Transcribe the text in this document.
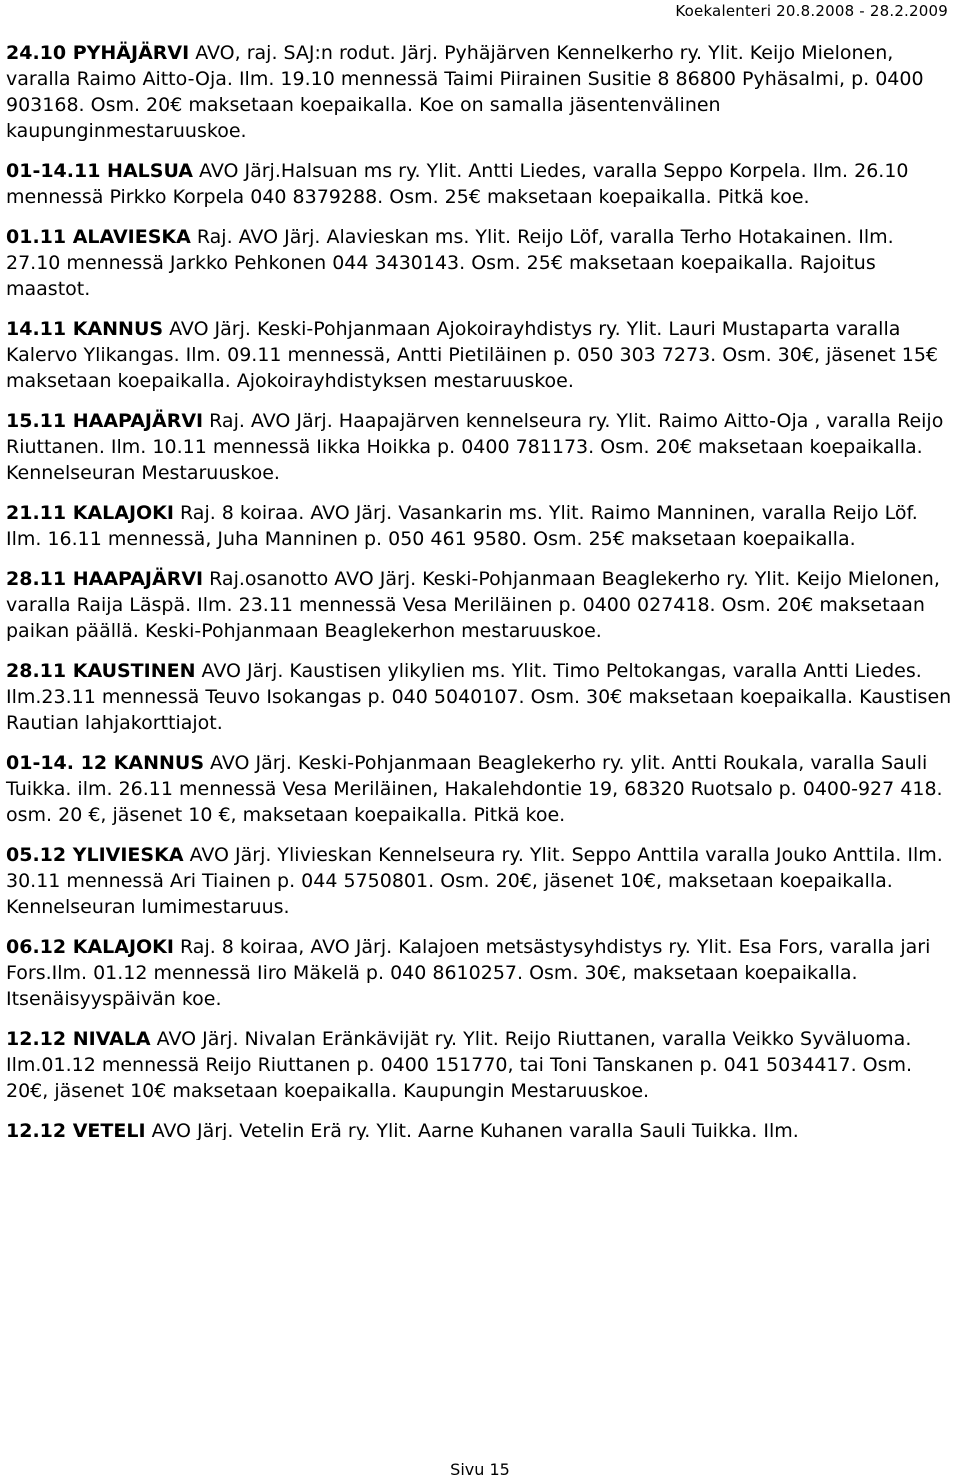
Koekalenteri 20.8.2008 - 28.2.2009

24.10 PYHÄJÄRVI AVO, raj. SAJ:n rodut. Järj. Pyhäjärven Kennelkerho ry. Ylit. Keijo Mielonen, varalla Raimo Aitto-Oja. Ilm. 19.10 mennessä Taimi Piirainen Susitie 8 86800 Pyhäsalmi, p. 0400 903168. Osm. 20€ maksetaan koepaikalla. Koe on samalla jäsentenvälinen kaupunginmestaruuskoe.

01-14.11 HALSUA AVO Järj.Halsuan ms ry. Ylit. Antti Liedes, varalla Seppo Korpela. Ilm. 26.10 mennessä Pirkko Korpela 040 8379288. Osm. 25€ maksetaan koepaikalla. Pitkä koe.

01.11 ALAVIESKA Raj. AVO Järj. Alavieskan ms. Ylit. Reijo Löf, varalla Terho Hotakainen. Ilm. 27.10 mennessä Jarkko Pehkonen 044 3430143. Osm. 25€ maksetaan koepaikalla. Rajoitus maastot.

14.11 KANNUS AVO Järj. Keski-Pohjanmaan Ajokoirayhdistys ry. Ylit. Lauri Mustaparta varalla Kalervo Ylikangas. Ilm. 09.11 mennessä, Antti Pietiläinen p. 050 303 7273. Osm. 30€, jäsenet 15€ maksetaan koepaikalla. Ajokoirayhdistyksen mestaruuskoe.

15.11 HAAPAJÄRVI Raj. AVO Järj. Haapajärven kennelseura ry. Ylit. Raimo Aitto-Oja , varalla Reijo Riuttanen. Ilm. 10.11 mennessä Iikka Hoikka p. 0400 781173. Osm. 20€ maksetaan koepaikalla. Kennelseuran Mestaruuskoe.

21.11 KALAJOKI Raj. 8 koiraa. AVO Järj. Vasankarin ms. Ylit. Raimo Manninen, varalla Reijo Löf. Ilm. 16.11 mennessä, Juha Manninen p. 050 461 9580. Osm. 25€ maksetaan koepaikalla.

28.11 HAAPAJÄRVI Raj.osanotto AVO Järj. Keski-Pohjanmaan Beaglekerho ry. Ylit. Keijo Mielonen, varalla Raija Läspä. Ilm. 23.11 mennessä Vesa Meriläinen p. 0400 027418. Osm. 20€ maksetaan paikan päällä. Keski-Pohjanmaan Beaglekerhon mestaruuskoe.

28.11 KAUSTINEN AVO Järj. Kaustisen ylikylien ms. Ylit. Timo Peltokangas, varalla Antti Liedes. Ilm.23.11 mennessä Teuvo Isokangas p. 040 5040107. Osm. 30€ maksetaan koepaikalla. Kaustisen Rautian lahjakorttiajot.

01-14. 12 KANNUS AVO Järj. Keski-Pohjanmaan Beaglekerho ry. ylit. Antti Roukala, varalla Sauli Tuikka. ilm. 26.11 mennessä Vesa Meriläinen, Hakalehdontie 19, 68320 Ruotsalo p. 0400-927 418. osm. 20 €, jäsenet 10 €, maksetaan koepaikalla. Pitkä koe.

05.12 YLIVIESKA AVO Järj. Ylivieskan Kennelseura ry. Ylit. Seppo Anttila varalla Jouko Anttila. Ilm. 30.11 mennessä Ari Tiainen p. 044 5750801. Osm. 20€, jäsenet 10€, maksetaan koepaikalla. Kennelseuran lumimestaruus.

06.12 KALAJOKI Raj. 8 koiraa, AVO Järj. Kalajoen metsästysyhdistys ry. Ylit. Esa Fors, varalla jari Fors.Ilm. 01.12 mennessä Iiro Mäkelä p. 040 8610257. Osm. 30€, maksetaan koepaikalla. Itsenäisyyspäivän koe.

12.12 NIVALA AVO Järj. Nivalan Eränkävijät ry. Ylit. Reijo Riuttanen, varalla Veikko Syväluoma. Ilm.01.12 mennessä Reijo Riuttanen p. 0400 151770, tai Toni Tanskanen p. 041 5034417. Osm. 20€, jäsenet 10€ maksetaan koepaikalla. Kaupungin Mestaruuskoe.

12.12 VETELI AVO Järj. Vetelin Erä ry. Ylit. Aarne Kuhanen varalla Sauli Tuikka. Ilm.

Sivu 15
